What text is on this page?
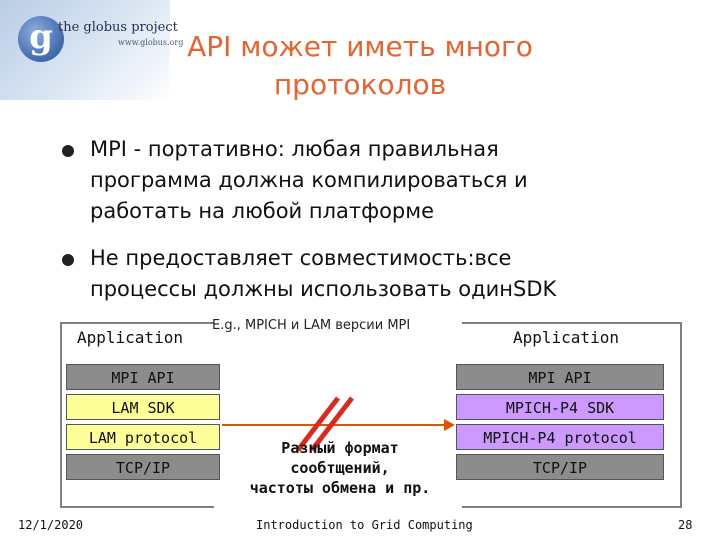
g the globus project
www.globus.org API может иметь много
протоколов
MPI - портативно: любая правильная
программа должна компилироваться и
работать на любой платформе
Не предоставляет совместимость:все
процессы должны использовать одинSDK
Application
MPI API
LAM SDK
LAM protocol
TCP/IP
E.g., MPICH и LAM версии MPI
Application
MPI API
MPICH-P4 SDK
MPICH-P4 protocol
TCP/IP
Разный формат
сообтщений,
частоты обмена и пр.
12/1/2020	Introduction to Grid Computing	28
